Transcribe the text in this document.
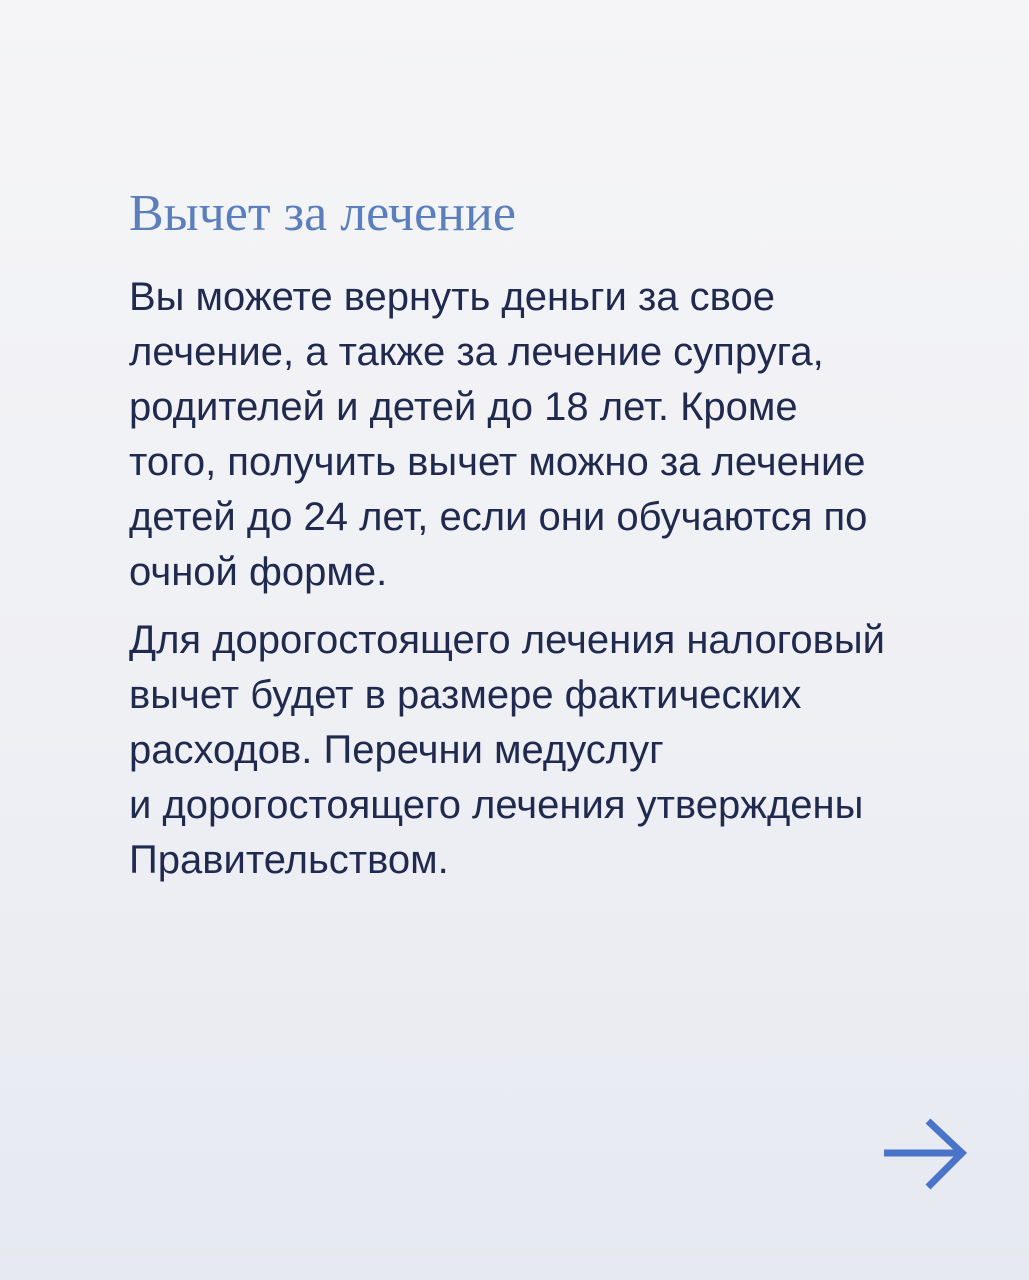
Вычет за лечение

Вы можете вернуть деньги за свое
лечение, а также за лечение супруга,
родителей и детей до 18 лет. Кроме
того, получить вычет можно за лечение
детей до 24 лет, если они обучаются по
очной форме.

Для дорогостоящего лечения налоговый
вычет будет в размере фактических
расходов. Перечни медуслуг
и дорогостоящего лечения утверждены
Правительством.
